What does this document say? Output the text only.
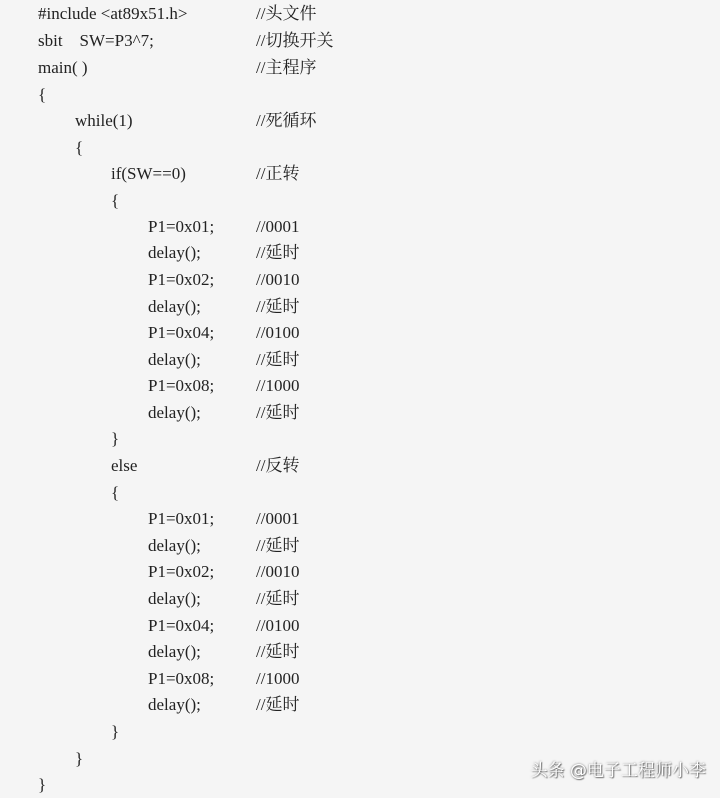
#include <at89x51.h>	//头文件
sbit    SW=P3^7;	//切换开关
main( )	//主程序
{
while(1)	//死循环
{
if(SW==0)	//正转
{
P1=0x01; //0001
delay();	//延时
P1=0x02; //0010
delay();	//延时
P1=0x04; //0100
delay();	//延时
P1=0x08; //1000
delay();	//延时
}
else	//反转
{
P1=0x01; //0001
delay();	//延时
P1=0x02; //0010
delay();	//延时
P1=0x04; //0100
delay();	//延时
P1=0x08; //1000
delay();	//延时
}
}
}
头条 @电子工程师小李
